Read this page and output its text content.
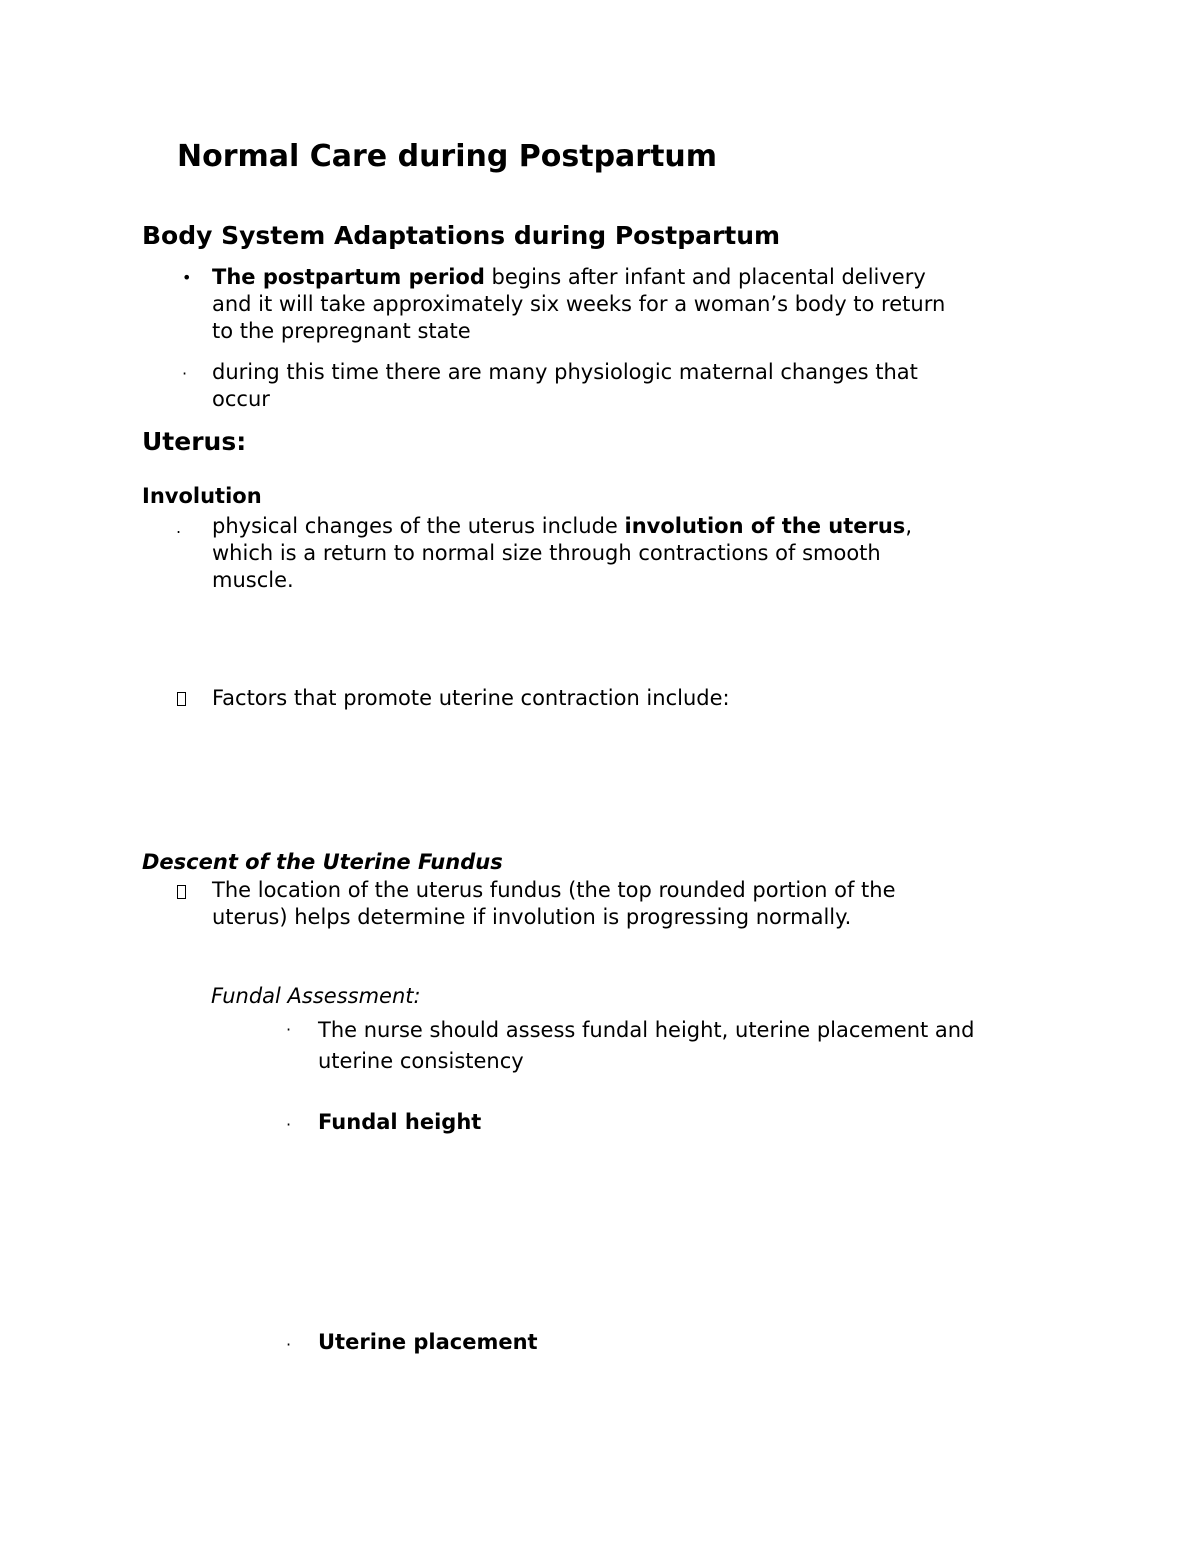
Normal Care during Postpartum
Body System Adaptations during Postpartum
• The postpartum period begins after infant and placental delivery
and it will take approximately six weeks for a woman’s body to return
to the prepregnant state
· during this time there are many physiologic maternal changes that
occur
Uterus:
Involution
. physical changes of the uterus include involution of the uterus,
which is a return to normal size through contractions of smooth
muscle.
Factors that promote uterine contraction include:
Descent of the Uterine Fundus
The location of the uterus fundus (the top rounded portion of the
uterus) helps determine if involution is progressing normally.
Fundal Assessment:
· The nurse should assess fundal height, uterine placement and
uterine consistency
· Fundal height
· Uterine placement
